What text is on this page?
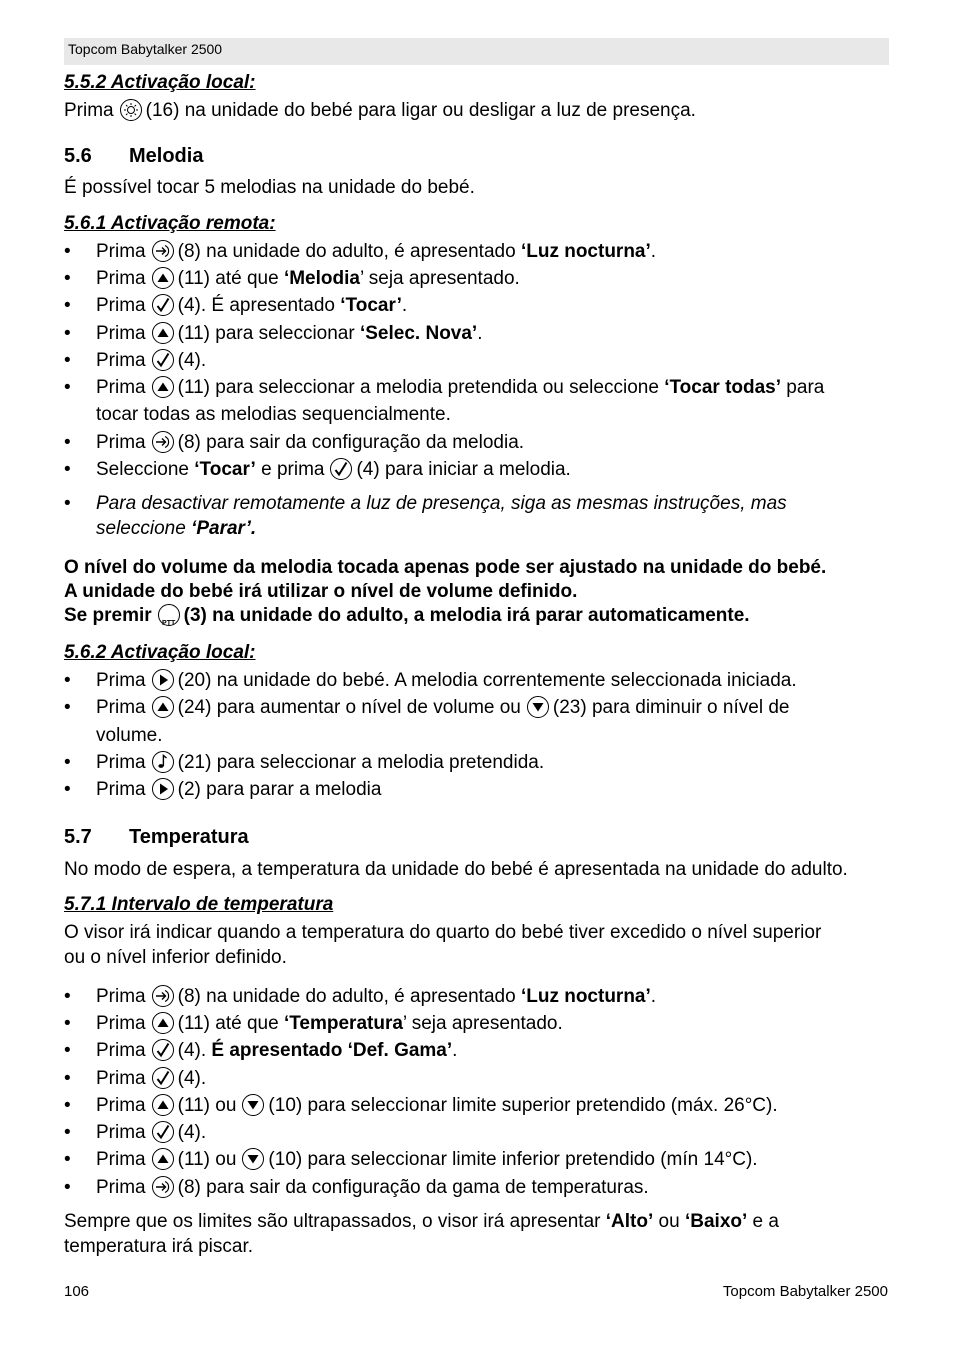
Topcom Babytalker 2500
5.5.2 Activação local:
Prima (16) na unidade do bebé para ligar ou desligar a luz de presença.
5.6 Melodia
É possível tocar 5 melodias na unidade do bebé.
5.6.1 Activação remota:
• Prima (8) na unidade do adulto, é apresentado ‘Luz nocturna’.
• Prima (11) até que ‘Melodia’ seja apresentado.
• Prima (4). É apresentado ‘Tocar’.
• Prima (11) para seleccionar ‘Selec. Nova’.
• Prima (4).
• Prima (11) para seleccionar a melodia pretendida ou seleccione ‘Tocar todas’ para
tocar todas as melodias sequencialmente.
• Prima (8) para sair da configuração da melodia.
• Seleccione ‘Tocar’ e prima (4) para iniciar a melodia.
• Para desactivar remotamente a luz de presença, siga as mesmas instruções, mas
seleccione ‘Parar’.
O nível do volume da melodia tocada apenas pode ser ajustado na unidade do bebé.
A unidade do bebé irá utilizar o nível de volume definido.
Se premir	PTT (3) na unidade do adulto, a melodia irá parar automaticamente.
5.6.2 Activação local:
• Prima (20) na unidade do bebé. A melodia correntemente seleccionada iniciada.
• Prima (24) para aumentar o nível de volume ou (23) para diminuir o nível de
volume.
• Prima (21) para seleccionar a melodia pretendida.
• Prima (2) para parar a melodia
5.7 Temperatura
No modo de espera, a temperatura da unidade do bebé é apresentada na unidade do adulto.
5.7.1 Intervalo de temperatura
O visor irá indicar quando a temperatura do quarto do bebé tiver excedido o nível superior
ou o nível inferior definido.
• Prima (8) na unidade do adulto, é apresentado ‘Luz nocturna’.
• Prima (11) até que ‘Temperatura’ seja apresentado.
• Prima (4). É apresentado ‘Def. Gama’.
• Prima (4).
• Prima (11) ou (10) para seleccionar limite superior pretendido (máx. 26°C).
• Prima (4).
• Prima (11) ou (10) para seleccionar limite inferior pretendido (mín 14°C).
• Prima (8) para sair da configuração da gama de temperaturas.
Sempre que os limites são ultrapassados, o visor irá apresentar ‘Alto’ ou ‘Baixo’ e a
temperatura irá piscar.
106	Topcom Babytalker 2500
